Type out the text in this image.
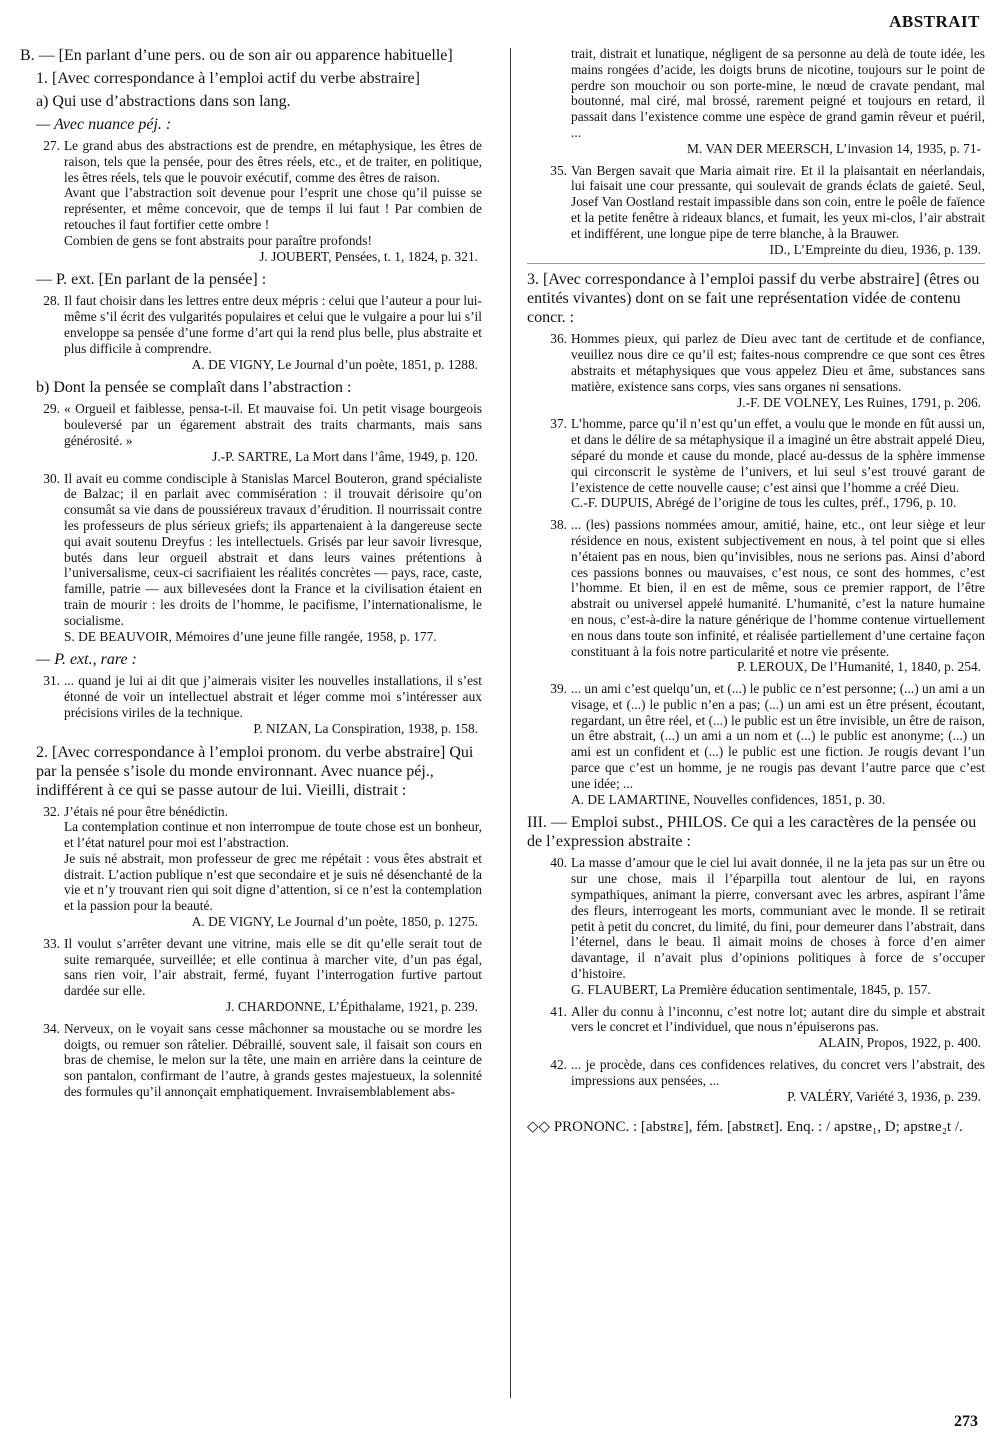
ABSTRAIT

B. — [En parlant d’une pers. ou de son air ou apparence habituelle]

1. [Avec correspondance à l’emploi actif du verbe abstraire]

a) Qui use d’abstractions dans son lang.

— Avec nuance péj. :

27. Le grand abus des abstractions est de prendre, en métaphysique, les êtres de raison, tels que la pensée, pour des êtres réels, etc., et de traiter, en politique, les êtres réels, tels que le pouvoir exécutif, comme des êtres de raison.
Avant que l’abstraction soit devenue pour l’esprit une chose qu’il puisse se représenter, et même concevoir, que de temps il lui faut ! Par combien de retouches il faut fortifier cette ombre !
Combien de gens se font abstraits pour paraître profonds!
J. JOUBERT, Pensées, t. 1, 1824, p. 321.

— P. ext. [En parlant de la pensée] :

28. Il faut choisir dans les lettres entre deux mépris : celui que l’auteur a pour lui-même s’il écrit des vulgarités populaires et celui que le vulgaire a pour lui s’il enveloppe sa pensée d’une forme d’art qui la rend plus belle, plus abstraite et plus difficile à comprendre.
A. DE VIGNY, Le Journal d’un poète, 1851, p. 1288.

b) Dont la pensée se complaît dans l’abstraction :

29. « Orgueil et faiblesse, pensa-t-il. Et mauvaise foi. Un petit visage bourgeois bouleversé par un égarement abstrait des traits charmants, mais sans générosité. »
J.-P. SARTRE, La Mort dans l’âme, 1949, p. 120.
30. Il avait eu comme condisciple à Stanislas Marcel Bouteron, grand spécialiste de Balzac; il en parlait avec commisération : il trouvait dérisoire qu’on consumât sa vie dans de poussiéreux travaux d’érudition. Il nourrissait contre les professeurs de plus sérieux griefs; ils appartenaient à la dangereuse secte qui avait soutenu Dreyfus : les intellectuels. Grisés par leur savoir livresque, butés dans leur orgueil abstrait et dans leurs vaines prétentions à l’universalisme, ceux-ci sacrifiaient les réalités concrètes — pays, race, caste, famille, patrie — aux billevesées dont la France et la civilisation étaient en train de mourir : les droits de l’homme, le pacifisme, l’internationalisme, le socialisme.
S. DE BEAUVOIR, Mémoires d’une jeune fille rangée, 1958, p. 177.

— P. ext., rare :

31. ... quand je lui ai dit que j’aimerais visiter les nouvelles installations, il s’est étonné de voir un intellectuel abstrait et léger comme moi s’intéresser aux précisions viriles de la technique.
P. NIZAN, La Conspiration, 1938, p. 158.

2. [Avec correspondance à l’emploi pronom. du verbe abstraire] Qui par la pensée s’isole du monde environnant. Avec nuance péj., indifférent à ce qui se passe autour de lui. Vieilli, distrait :

32. J’étais né pour être bénédictin.
La contemplation continue et non interrompue de toute chose est un bonheur, et l’état naturel pour moi est l’abstraction.
Je suis né abstrait, mon professeur de grec me répétait : vous êtes abstrait et distrait. L’action publique n’est que secondaire et je suis né désenchanté de la vie et n’y trouvant rien qui soit digne d’attention, si ce n’est la contemplation et la passion pour la beauté.
A. DE VIGNY, Le Journal d’un poète, 1850, p. 1275.
33. Il voulut s’arrêter devant une vitrine, mais elle se dit qu’elle serait tout de suite remarquée, surveillée; et elle continua à marcher vite, d’un pas égal, sans rien voir, l’air abstrait, fermé, fuyant l’interrogation furtive partout dardée sur elle.
J. CHARDONNE, L’Épithalame, 1921, p. 239.
34. Nerveux, on le voyait sans cesse mâchonner sa moustache ou se mordre les doigts, ou remuer son râtelier. Débraillé, souvent sale, il faisait son cours en bras de chemise, le melon sur la tête, une main en arrière dans la ceinture de son pantalon, confirmant de l’autre, à grands gestes majestueux, la solennité des formules qu’il annonçait emphatiquement. Invraisemblablement abs-
trait, distrait et lunatique, négligent de sa personne au delà de toute idée, les mains rongées d’acide, les doigts bruns de nicotine, toujours sur le point de perdre son mouchoir ou son porte-mine, le nœud de cravate pendant, mal boutonné, mal ciré, mal brossé, rarement peigné et toujours en retard, il passait dans l’existence comme une espèce de grand gamin rêveur et puéril, ...
M. VAN DER MEERSCH, L’invasion 14, 1935, p. 71-
35. Van Bergen savait que Maria aimait rire. Et il la plaisantait en néerlandais, lui faisait une cour pressante, qui soulevait de grands éclats de gaieté. Seul, Josef Van Oostland restait impassible dans son coin, entre le poêle de faïence et la petite fenêtre à rideaux blancs, et fumait, les yeux mi-clos, l’air abstrait et indifférent, une longue pipe de terre blanche, à la Brauwer.
ID., L’Empreinte du dieu, 1936, p. 139.

3. [Avec correspondance à l’emploi passif du verbe abstraire] (êtres ou entités vivantes) dont on se fait une représentation vidée de contenu concr. :

36. Hommes pieux, qui parlez de Dieu avec tant de certitude et de confiance, veuillez nous dire ce qu’il est; faites-nous comprendre ce que sont ces êtres abstraits et métaphysiques que vous appelez Dieu et âme, substances sans matière, existence sans corps, vies sans organes ni sensations.
J.-F. DE VOLNEY, Les Ruines, 1791, p. 206.
37. L’homme, parce qu’il n’est qu’un effet, a voulu que le monde en fût aussi un, et dans le délire de sa métaphysique il a imaginé un être abstrait appelé Dieu, séparé du monde et cause du monde, placé au-dessus de la sphère immense qui circonscrit le système de l’univers, et lui seul s’est trouvé garant de l’existence de cette nouvelle cause; c’est ainsi que l’homme a créé Dieu.
C.-F. DUPUIS, Abrégé de l’origine de tous les cultes, préf., 1796, p. 10.
38. ... (les) passions nommées amour, amitié, haine, etc., ont leur siège et leur résidence en nous, existent subjectivement en nous, à tel point que si elles n’étaient pas en nous, bien qu’invisibles, nous ne serions pas. Ainsi d’abord ces passions bonnes ou mauvaises, c’est nous, ce sont des hommes, c’est l’homme. Et bien, il en est de même, sous ce premier rapport, de l’être abstrait ou universel appelé humanité. L’humanité, c’est la nature humaine en nous, c’est-à-dire la nature générique de l’homme contenue virtuellement en nous dans toute son infinité, et réalisée partiellement d’une certaine façon constituant à la fois notre particularité et notre vie présente.
P. LEROUX, De l’Humanité, 1, 1840, p. 254.
39. ... un ami c’est quelqu’un, et (...) le public ce n’est personne; (...) un ami a un visage, et (...) le public n’en a pas; (...) un ami est un être présent, écoutant, regardant, un être réel, et (...) le public est un être invisible, un être de raison, un être abstrait, (...) un ami a un nom et (...) le public est anonyme; (...) un ami est un confident et (...) le public est une fiction. Je rougis devant l’un parce que c’est un homme, je ne rougis pas devant l’autre parce que c’est une idée; ...
A. DE LAMARTINE, Nouvelles confidences, 1851, p. 30.

III. — Emploi subst., PHILOS. Ce qui a les caractères de la pensée ou de l’expression abstraite :

40. La masse d’amour que le ciel lui avait donnée, il ne la jeta pas sur un être ou sur une chose, mais il l’éparpilla tout alentour de lui, en rayons sympathiques, animant la pierre, conversant avec les arbres, aspirant l’âme des fleurs, interrogeant les morts, communiant avec le monde. Il se retirait petit à petit du concret, du limité, du fini, pour demeurer dans l’abstrait, dans l’éternel, dans le beau. Il aimait moins de choses à force d’en aimer davantage, il n’avait plus d’opinions politiques à force de s’occuper d’histoire.
G. FLAUBERT, La Première éducation sentimentale, 1845, p. 157.
41. Aller du connu à l’inconnu, c’est notre lot; autant dire du simple et abstrait vers le concret et l’individuel, que nous n’épuiserons pas.
ALAIN, Propos, 1922, p. 400.
42. ... je procède, dans ces confidences relatives, du concret vers l’abstrait, des impressions aux pensées, ...
P. VALÉRY, Variété 3, 1936, p. 239.
◇◇ PRONONC. : [abstʀɛ], fém. [abstʀɛt]. Enq. : / apstʀe₁, D; apstʀe₂t /.
273
